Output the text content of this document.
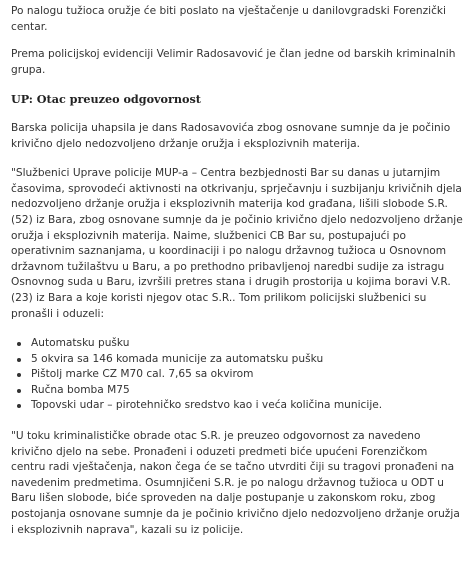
Po nalogu tužioca oružje će biti poslato na vještačenje u danilovgradski Forenzički centar.

Prema policijskoj evidenciji Velimir Radosavović je član jedne od barskih kriminalnih grupa.

UP: Otac preuzeo odgovornost

Barska policija uhapsila je dans Radosavovića zbog osnovane sumnje da je počinio krivično djelo nedozvoljeno držanje oružja i eksplozivnih materija.

"Službenici Uprave policije MUP-a – Centra bezbjednosti Bar su danas u jutarnjim časovima, sprovodeći aktivnosti na otkrivanju, sprječavnju i suzbijanju krivičnih djela nedozvoljeno držanje oružja i eksplozivnih materija kod građana, lišili slobode S.R. (52) iz Bara, zbog osnovane sumnje da je počinio krivično djelo nedozvoljeno držanje oružja i eksplozivnih materija. Naime, službenici CB Bar su, postupajući po operativnim saznanjama, u koordinaciji i po nalogu državnog tužioca u Osnovnom državnom tužilaštvu u Baru, a po prethodno pribavljenoj naredbi sudije za istragu Osnovnog suda u Baru, izvršili pretres stana i drugih prostorija u kojima boravi V.R. (23) iz Bara a koje koristi njegov otac S.R.. Tom prilikom policijski službenici su pronašli i oduzeli:

Automatsku pušku
5 okvira sa 146 komada municije za automatsku pušku
Pištolj marke CZ M70 cal. 7,65 sa okvirom
Ručna bomba M75
Topovski udar – pirotehničko sredstvo kao i veća količina municije.

"U toku kriminalističke obrade otac S.R. je preuzeo odgovornost za navedeno krivično djelo na sebe. Pronađeni i oduzeti predmeti biće upućeni Forenzičkom centru radi vještačenja, nakon čega će se tačno utvrditi čiji su tragovi pronađeni na navedenim predmetima. Osumnjičeni S.R. je po nalogu državnog tužioca u ODT u Baru lišen slobode, biće sproveden na dalje postupanje u zakonskom roku, zbog postojanja osnovane sumnje da je počinio krivično djelo nedozvoljeno držanje oružja i eksplozivnih naprava", kazali su iz policije.
